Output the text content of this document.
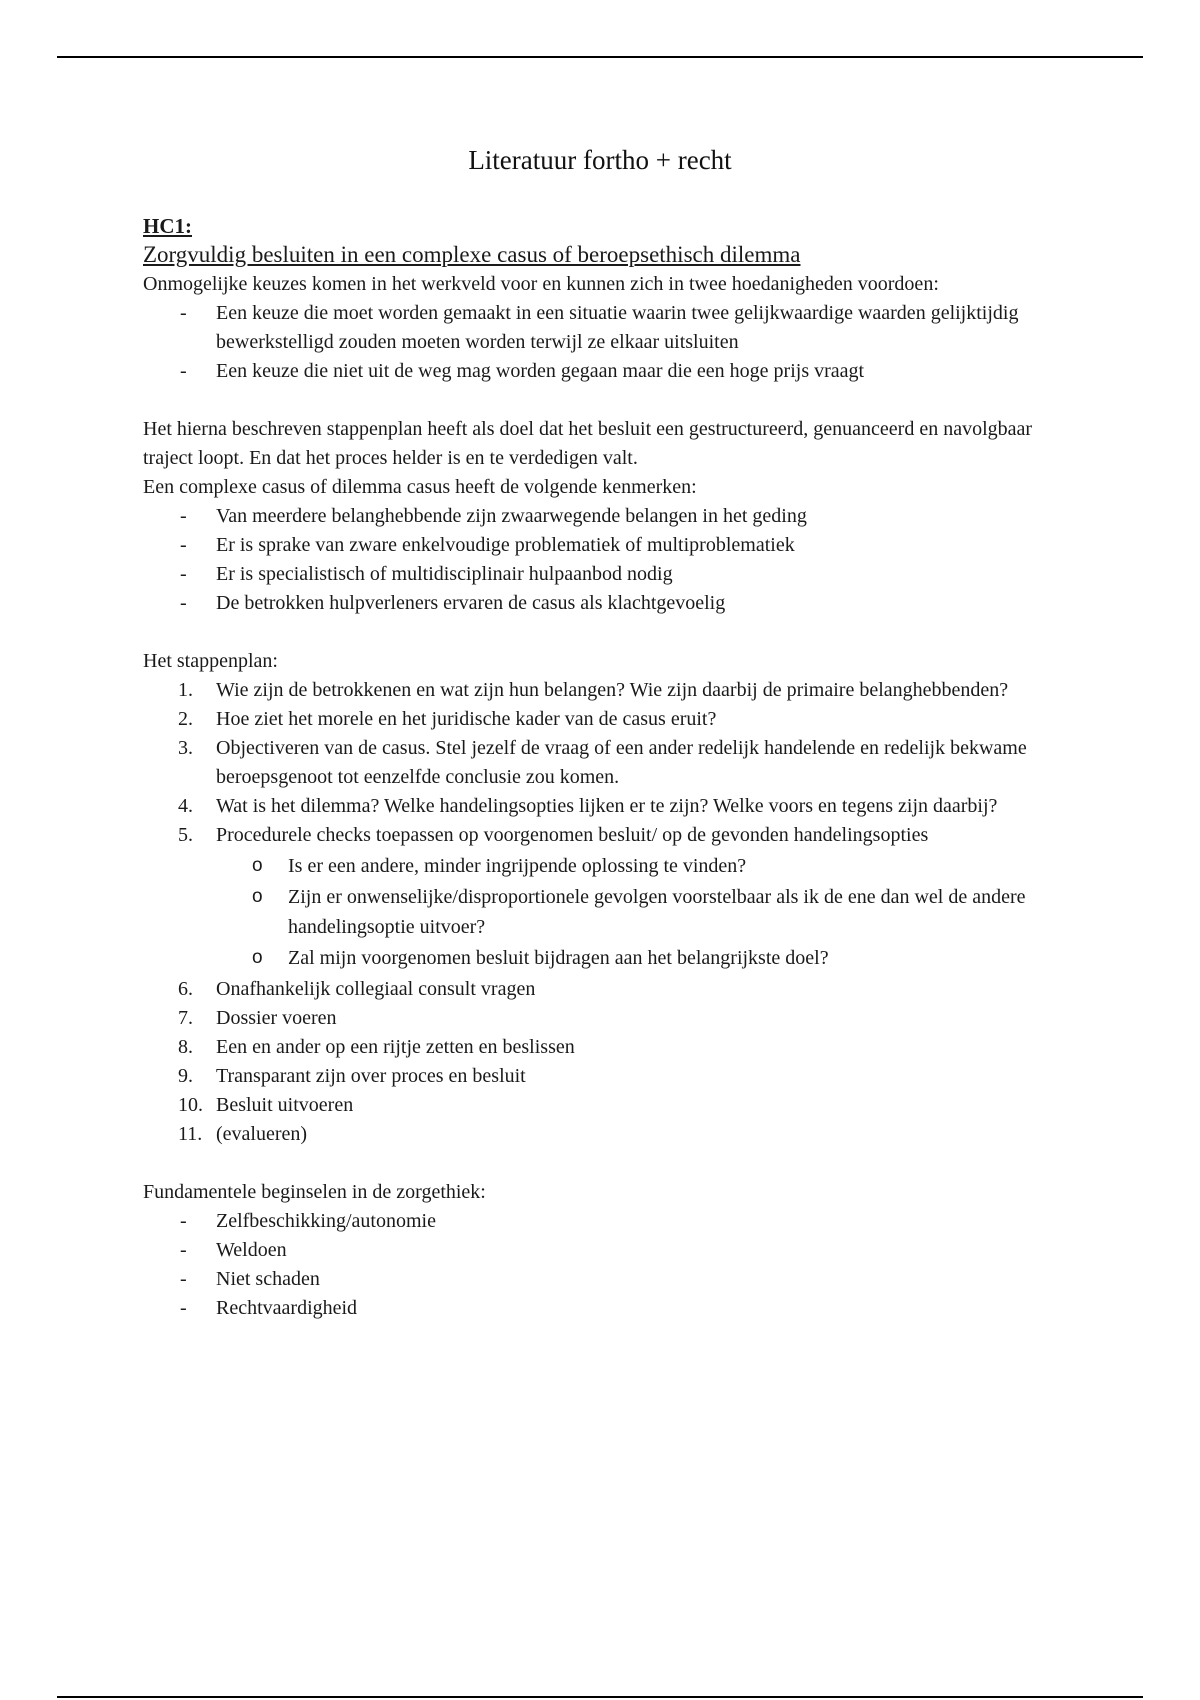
Literatuur fortho + recht
HC1:
Zorgvuldig besluiten in een complexe casus of beroepsethisch dilemma

Onmogelijke keuzes komen in het werkveld voor en kunnen zich in twee hoedanigheden voordoen:

- Een keuze die moet worden gemaakt in een situatie waarin twee gelijkwaardige waarden gelijktijdig bewerkstelligd zouden moeten worden terwijl ze elkaar uitsluiten
- Een keuze die niet uit de weg mag worden gegaan maar die een hoge prijs vraagt

Het hierna beschreven stappenplan heeft als doel dat het besluit een gestructureerd, genuanceerd en navolgbaar traject loopt. En dat het proces helder is en te verdedigen valt.

Een complexe casus of dilemma casus heeft de volgende kenmerken:

- Van meerdere belanghebbende zijn zwaarwegende belangen in het geding
- Er is sprake van zware enkelvoudige problematiek of multiproblematiek
- Er is specialistisch of multidisciplinair hulpaanbod nodig
- De betrokken hulpverleners ervaren de casus als klachtgevoelig

Het stappenplan:

1. Wie zijn de betrokkenen en wat zijn hun belangen? Wie zijn daarbij de primaire belanghebbenden?
2. Hoe ziet het morele en het juridische kader van de casus eruit?
3. Objectiveren van de casus. Stel jezelf de vraag of een ander redelijk handelende en redelijk bekwame beroepsgenoot tot eenzelfde conclusie zou komen.
4. Wat is het dilemma? Welke handelingsopties lijken er te zijn? Welke voors en tegens zijn daarbij?
5. Procedurele checks toepassen op voorgenomen besluit/ op de gevonden handelingsopties
o Is er een andere, minder ingrijpende oplossing te vinden?
o Zijn er onwenselijke/disproportionele gevolgen voorstelbaar als ik de ene dan wel de andere handelingsoptie uitvoer?
o Zal mijn voorgenomen besluit bijdragen aan het belangrijkste doel?
6. Onafhankelijk collegiaal consult vragen
7. Dossier voeren
8. Een en ander op een rijtje zetten en beslissen
9. Transparant zijn over proces en besluit
10. Besluit uitvoeren
11. (evalueren)

Fundamentele beginselen in de zorgethiek:

- Zelfbeschikking/autonomie
- Weldoen
- Niet schaden
- Rechtvaardigheid
